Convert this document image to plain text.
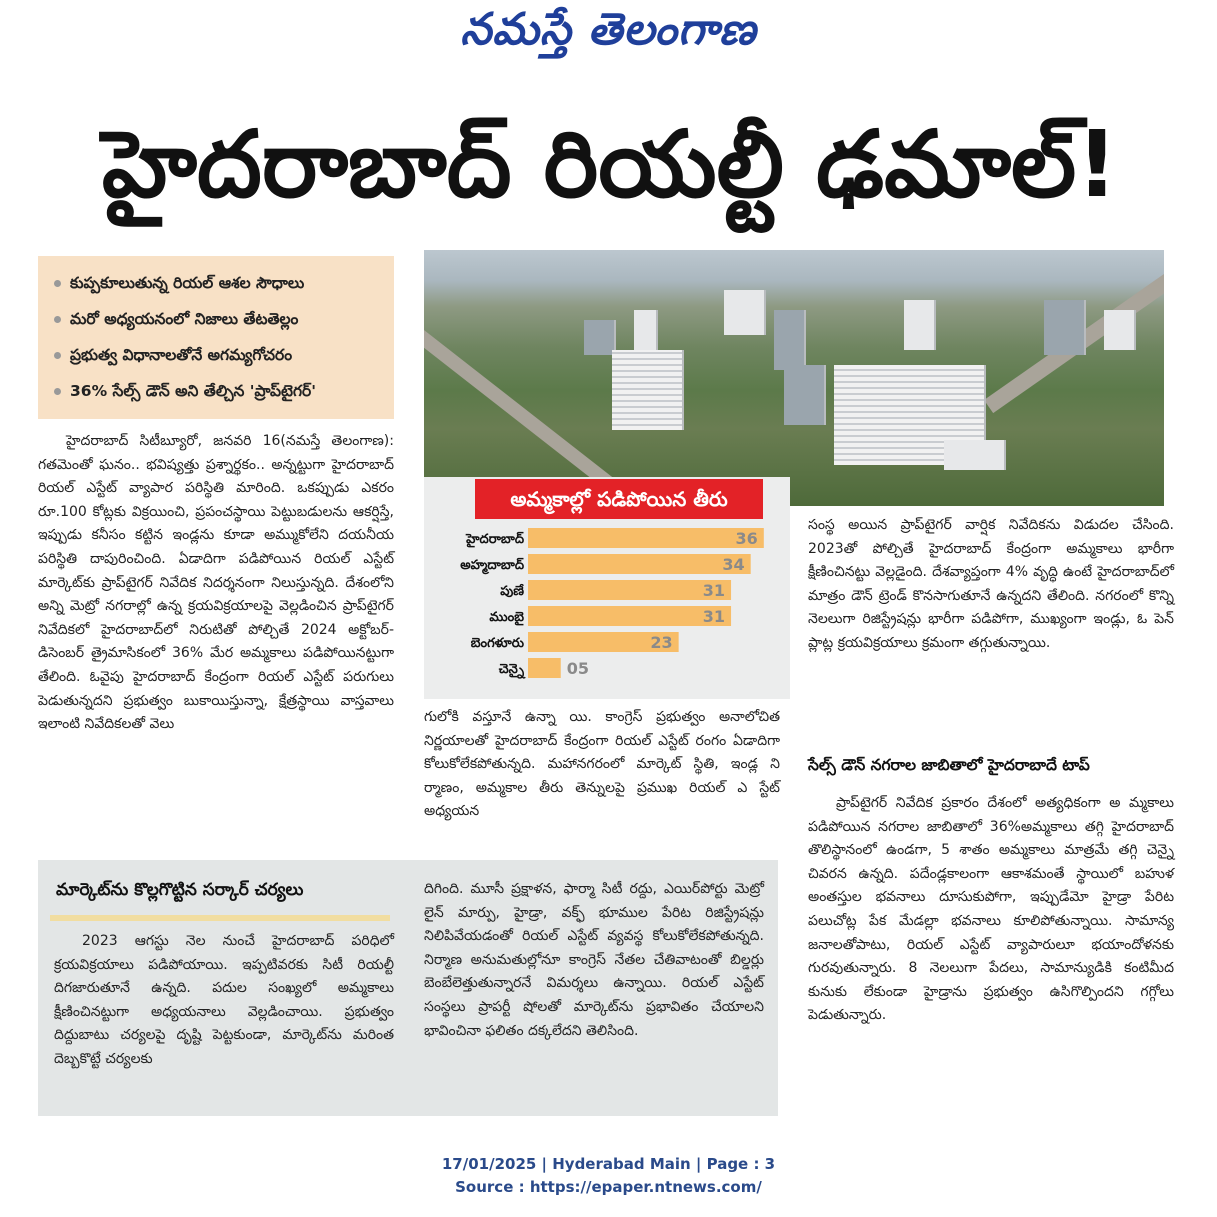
నమస్తే తెలంగాణ
హైదరాబాద్ రియల్టీ ఢమాల్!
కుప్పకూలుతున్న రియల్ ఆశల సౌధాలు
మరో అధ్యయనంలో నిజాలు తేటతెల్లం
ప్రభుత్వ విధానాలతోనే అగమ్యగోచరం
36% సేల్స్ డౌన్ అని తేల్చిన 'ప్రాప్‌టైగర్'
అమ్మకాల్లో పడిపోయిన తీరు
హైదరాబాద్	36
అహ్మదాబాద్	34
పుణే	31
ముంబై	31
బెంగళూరు	23
చెన్నై	05

హైదరాబాద్ సిటీబ్యూరో, జనవరి 16(నమస్తే తెలంగాణ): గతమెంతో ఘనం.. భవిష్యత్తు ప్రశ్నార్థకం.. అన్నట్టుగా హైదరాబాద్ రియల్ ఎస్టేట్ వ్యాపార పరిస్థితి మారింది. ఒకప్పుడు ఎకరం రూ.100 కోట్లకు విక్రయించి, ప్రపంచస్థాయి పెట్టుబడులను ఆకర్షిస్తే, ఇప్పుడు కనీసం కట్టిన ఇండ్లను కూడా అమ్ముకోలేని దయనీయ పరిస్థితి దాపురించింది. ఏడాదిగా పడిపోయిన రియల్ ఎస్టేట్ మార్కెట్‌కు ప్రాప్‌టైగర్ నివేదిక నిదర్శనంగా నిలుస్తున్నది. దేశంలోని అన్ని మెట్రో నగరాల్లో ఉన్న క్రయవిక్రయాలపై వెల్లడించిన ప్రాప్‌టైగర్ నివేదికలో హైదరాబాద్‌లో నిరుటితో పోల్చితే 2024 అక్టోబర్-డిసెంబర్ త్రైమాసికంలో 36% మేర అమ్మకాలు పడిపోయినట్టుగా తేలింది. ఓవైపు హైదరాబాద్ కేంద్రంగా రియల్ ఎస్టేట్ పరుగులు పెడుతున్నదని ప్రభుత్వం బుకాయిస్తున్నా, క్షేత్రస్థాయి వాస్తవాలు ఇలాంటి నివేదికలతో వెలు	గులోకి వస్తూనే ఉన్నా యి. కాంగ్రెస్ ప్రభుత్వం అనాలోచిత నిర్ణయాలతో హైదరాబాద్ కేంద్రంగా రియల్ ఎస్టేట్ రంగం ఏడాదిగా కోలుకోలేకపోతున్నది. మహానగరంలో మార్కెట్ స్థితి, ఇండ్ల ని ర్మాణం, అమ్మకాల తీరు తెన్నులపై ప్రముఖ రియల్ ఎ స్టేట్ అధ్యయన

సంస్థ అయిన ప్రాప్‌టైగర్ వార్షిక నివేదికను విడుదల చేసింది. 2023తో పోల్చితే హైదరాబాద్ కేంద్రంగా అమ్మకాలు భారీగా క్షీణించినట్టు వెల్లడైంది. దేశవ్యాప్తంగా 4% వృద్ధి ఉంటే హైదరాబాద్‌లో మాత్రం డౌన్ ట్రెండ్ కొనసాగుతూనే ఉన్నదని తేలింది. నగరంలో కొన్ని నెలలుగా రిజిస్ట్రేషన్లు భారీగా పడిపోగా, ముఖ్యంగా ఇండ్లు, ఓ పెన్ ప్లాట్ల క్రయవిక్రయాలు క్రమంగా తగ్గుతున్నాయి.

సేల్స్ డౌన్ నగరాల జాబితాలో హైదరాబాదే టాప్

ప్రాప్‌టైగర్ నివేదిక ప్రకారం దేశంలో అత్యధికంగా అ మ్మకాలు పడిపోయిన నగరాల జాబితాలో 36%అమ్మకాలు తగ్గి హైదరాబాద్ తొలిస్థానంలో ఉండగా, 5 శాతం అమ్మకాలు మాత్రమే తగ్గి చెన్నై చివరన ఉన్నది. పదేండ్లకాలంగా ఆకాశమంతే స్థాయిలో బహుళ అంతస్తుల భవనాలు దూసుకుపోగా, ఇప్పుడేమో హైడ్రా పేరిట పలుచోట్ల పేక మేడల్లా భవనాలు కూలిపోతున్నాయి. సామాన్య జనాలతోపాటు, రియల్ ఎస్టేట్ వ్యాపారులూ భయాందోళనకు గురవుతున్నారు. 8 నెలలుగా పేదలు, సామాన్యుడికి కంటిమీద కునుకు లేకుండా హైడ్రాను ప్రభుత్వం ఉసిగొల్పిందని గగ్గోలు పెడుతున్నారు.

మార్కెట్‌ను కొల్లగొట్టిన సర్కార్ చర్యలు

2023 ఆగస్టు నెల నుంచే హైదరాబాద్ పరిధిలో క్రయవిక్రయాలు పడిపోయాయి. ఇప్పటివరకు సిటీ రియల్టీ దిగజారుతూనే ఉన్నది. పదుల సంఖ్యలో అమ్మకాలు క్షీణించినట్టుగా అధ్యయనాలు వెల్లడించాయి. ప్రభుత్వం దిద్దుబాటు చర్యలపై దృష్టి పెట్టకుండా, మార్కెట్‌ను మరింత దెబ్బకొట్టే చర్యలకు

దిగింది. మూసీ ప్రక్షాళన, ఫార్మా సిటీ రద్దు, ఎయిర్‌పోర్టు మెట్రో లైన్ మార్పు, హైడ్రా, వక్ఫ్ భూముల పేరిట రిజిస్ట్రేషన్లు నిలిపివేయడంతో రియల్ ఎస్టేట్ వ్యవస్థ కోలుకోలేకపోతున్నది. నిర్మాణ అనుమతుల్లోనూ కాంగ్రెస్ నేతల చేతివాటంతో బిల్డర్లు బెంబేలెత్తుతున్నారనే విమర్శలు ఉన్నాయి. రియల్ ఎస్టేట్ సంస్థలు ప్రాపర్టీ షోలతో మార్కెట్‌ను ప్రభావితం చేయాలని భావించినా ఫలితం దక్కలేదని తెలిసింది.

17/01/2025 | Hyderabad Main | Page : 3
Source : https://epaper.ntnews.com/
